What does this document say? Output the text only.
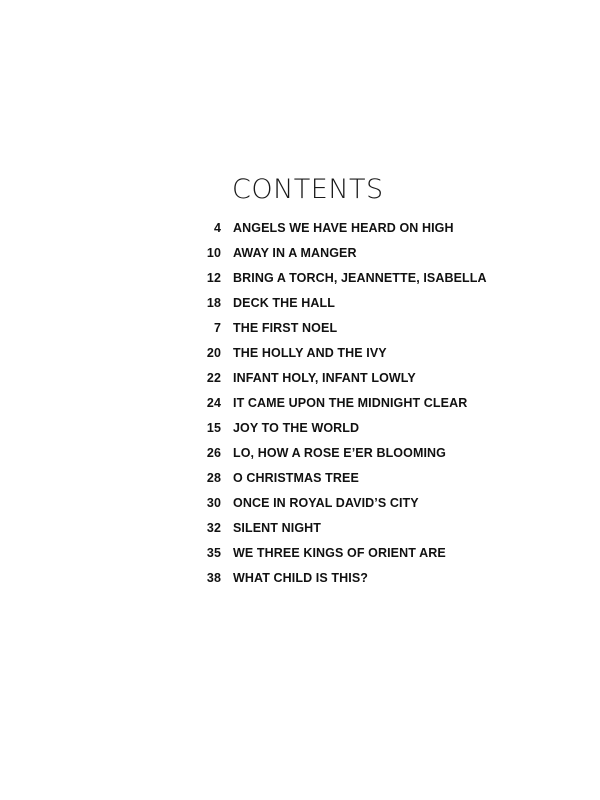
CONTENTS
4 ANGELS WE HAVE HEARD ON HIGH
10 AWAY IN A MANGER
12 BRING A TORCH, JEANNETTE, ISABELLA
18 DECK THE HALL
7 THE FIRST NOEL
20 THE HOLLY AND THE IVY
22 INFANT HOLY, INFANT LOWLY
24 IT CAME UPON THE MIDNIGHT CLEAR
15 JOY TO THE WORLD
26 LO, HOW A ROSE E’ER BLOOMING
28 O CHRISTMAS TREE
30 ONCE IN ROYAL DAVID’S CITY
32 SILENT NIGHT
35 WE THREE KINGS OF ORIENT ARE
38 WHAT CHILD IS THIS?
